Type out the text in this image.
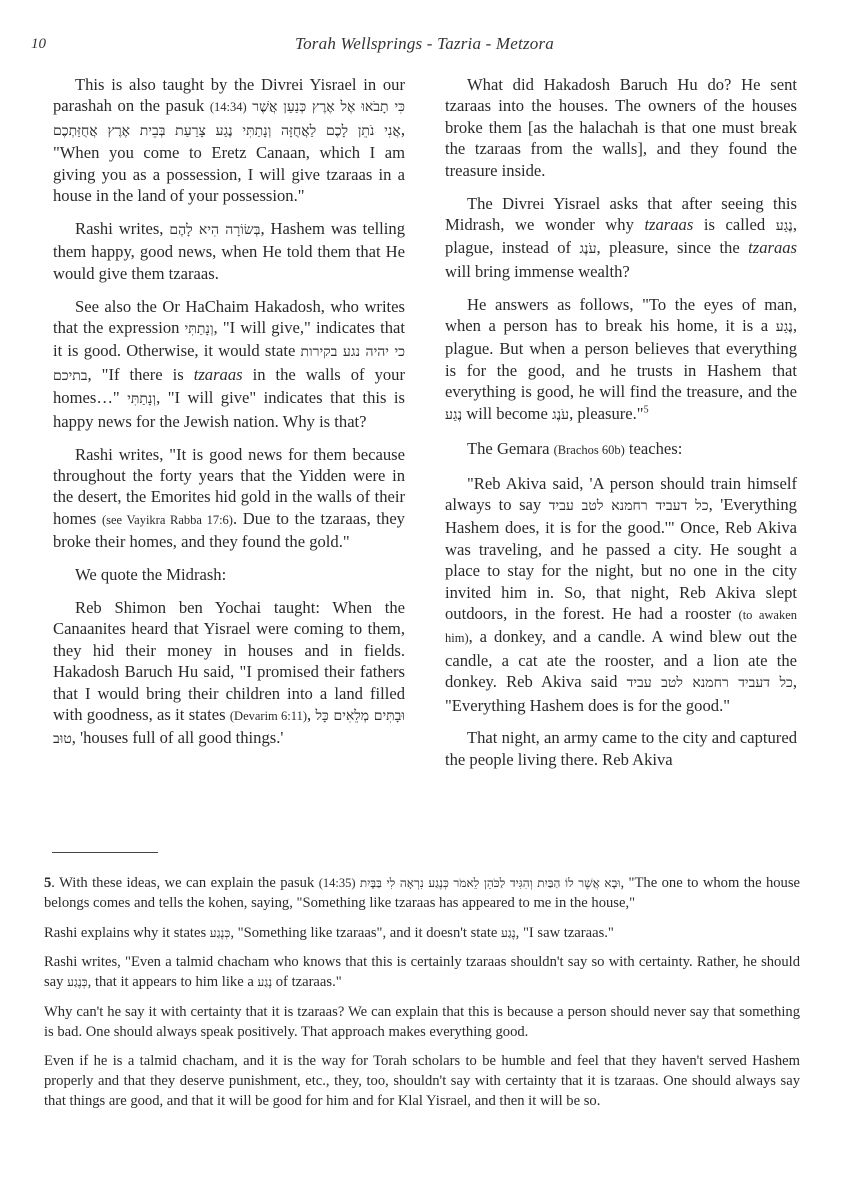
10	Torah Wellsprings - Tazria - Metzora

This is also taught by the Divrei Yisrael in our parashah on the pasuk (14:34) כִּי תָבֹאוּ אֶל אֶרֶץ כְּנַעַן אֲשֶׁר אֲנִי נֹתֵן לָכֶם לַאֲחֻזָּה וְנָתַתִּי נֶגַע צָרַעַת בְּבֵית אֶרֶץ אֲחֻזַּתְכֶם, "When you come to Eretz Canaan, which I am giving you as a possession, I will give tzaraas in a house in the land of your possession."

Rashi writes, בְּשׂוֹרָה הִיא לָהֶם, Hashem was telling them happy, good news, when He told them that He would give them tzaraas.

See also the Or HaChaim Hakadosh, who writes that the expression וְנָתַתִּי, "I will give," indicates that it is good. Otherwise, it would state כי יהיה נגע בקירות בתיכם, "If there is tzaraas in the walls of your homes…" וְנָתַתִּי, "I will give" indicates that this is happy news for the Jewish nation. Why is that?

Rashi writes, "It is good news for them because throughout the forty years that the Yidden were in the desert, the Emorites hid gold in the walls of their homes (see Vayikra Rabba 17:6). Due to the tzaraas, they broke their homes, and they found the gold."

We quote the Midrash:

Reb Shimon ben Yochai taught: When the Canaanites heard that Yisrael were coming to them, they hid their money in houses and in fields. Hakadosh Baruch Hu said, "I promised their fathers that I would bring their children into a land filled with goodness, as it states (Devarim 6:11), וּבָתִּים מְלֵאִים כָּל טוּב, 'houses full of all good things.'

What did Hakadosh Baruch Hu do? He sent tzaraas into the houses. The owners of the houses broke them [as the halachah is that one must break the tzaraas from the walls], and they found the treasure inside.

The Divrei Yisrael asks that after seeing this Midrash, we wonder why tzaraas is called נֶגַע, plague, instead of עֹנֶג, pleasure, since the tzaraas will bring immense wealth?

He answers as follows, "To the eyes of man, when a person has to break his home, it is a נֶגַע, plague. But when a person believes that everything is for the good, and he trusts in Hashem that everything is good, he will find the treasure, and the נֶגַע will become עֹנֶג, pleasure."$^5$

The Gemara (Brachos 60b) teaches:

"Reb Akiva said, 'A person should train himself always to say כל דעביד רחמנא לטב עביד, 'Everything Hashem does, it is for the good.'" Once, Reb Akiva was traveling, and he passed a city. He sought a place to stay for the night, but no one in the city invited him in. So, that night, Reb Akiva slept outdoors, in the forest. He had a rooster (to awaken him), a donkey, and a candle. A wind blew out the candle, a cat ate the rooster, and a lion ate the donkey. Reb Akiva said כל דעביד רחמנא לטב עביד, "Everything Hashem does is for the good."

That night, an army came to the city and captured the people living there. Reb Akiva

5. With these ideas, we can explain the pasuk (14:35) וּבָא אֲשֶׁר לוֹ הַבַּיִת וְהִגִּיד לַכֹּהֵן לֵאמֹר כְּנֶגַע נִרְאָה לִי בַּבָּיִת, "The one to whom the house belongs comes and tells the kohen, saying, "Something like tzaraas has appeared to me in the house,"

Rashi explains why it states כְּנֶגַע, "Something like tzaraas", and it doesn't state נֶגַע, "I saw tzaraas."

Rashi writes, "Even a talmid chacham who knows that this is certainly tzaraas shouldn't say so with certainty. Rather, he should say כְּנֶגַע, that it appears to him like a נֶגַע of tzaraas."

Why can't he say it with certainty that it is tzaraas? We can explain that this is because a person should never say that something is bad. One should always speak positively. That approach makes everything good.

Even if he is a talmid chacham, and it is the way for Torah scholars to be humble and feel that they haven't served Hashem properly and that they deserve punishment, etc., they, too, shouldn't say with certainty that it is tzaraas. One should always say that things are good, and that it will be good for him and for Klal Yisrael, and then it will be so.
